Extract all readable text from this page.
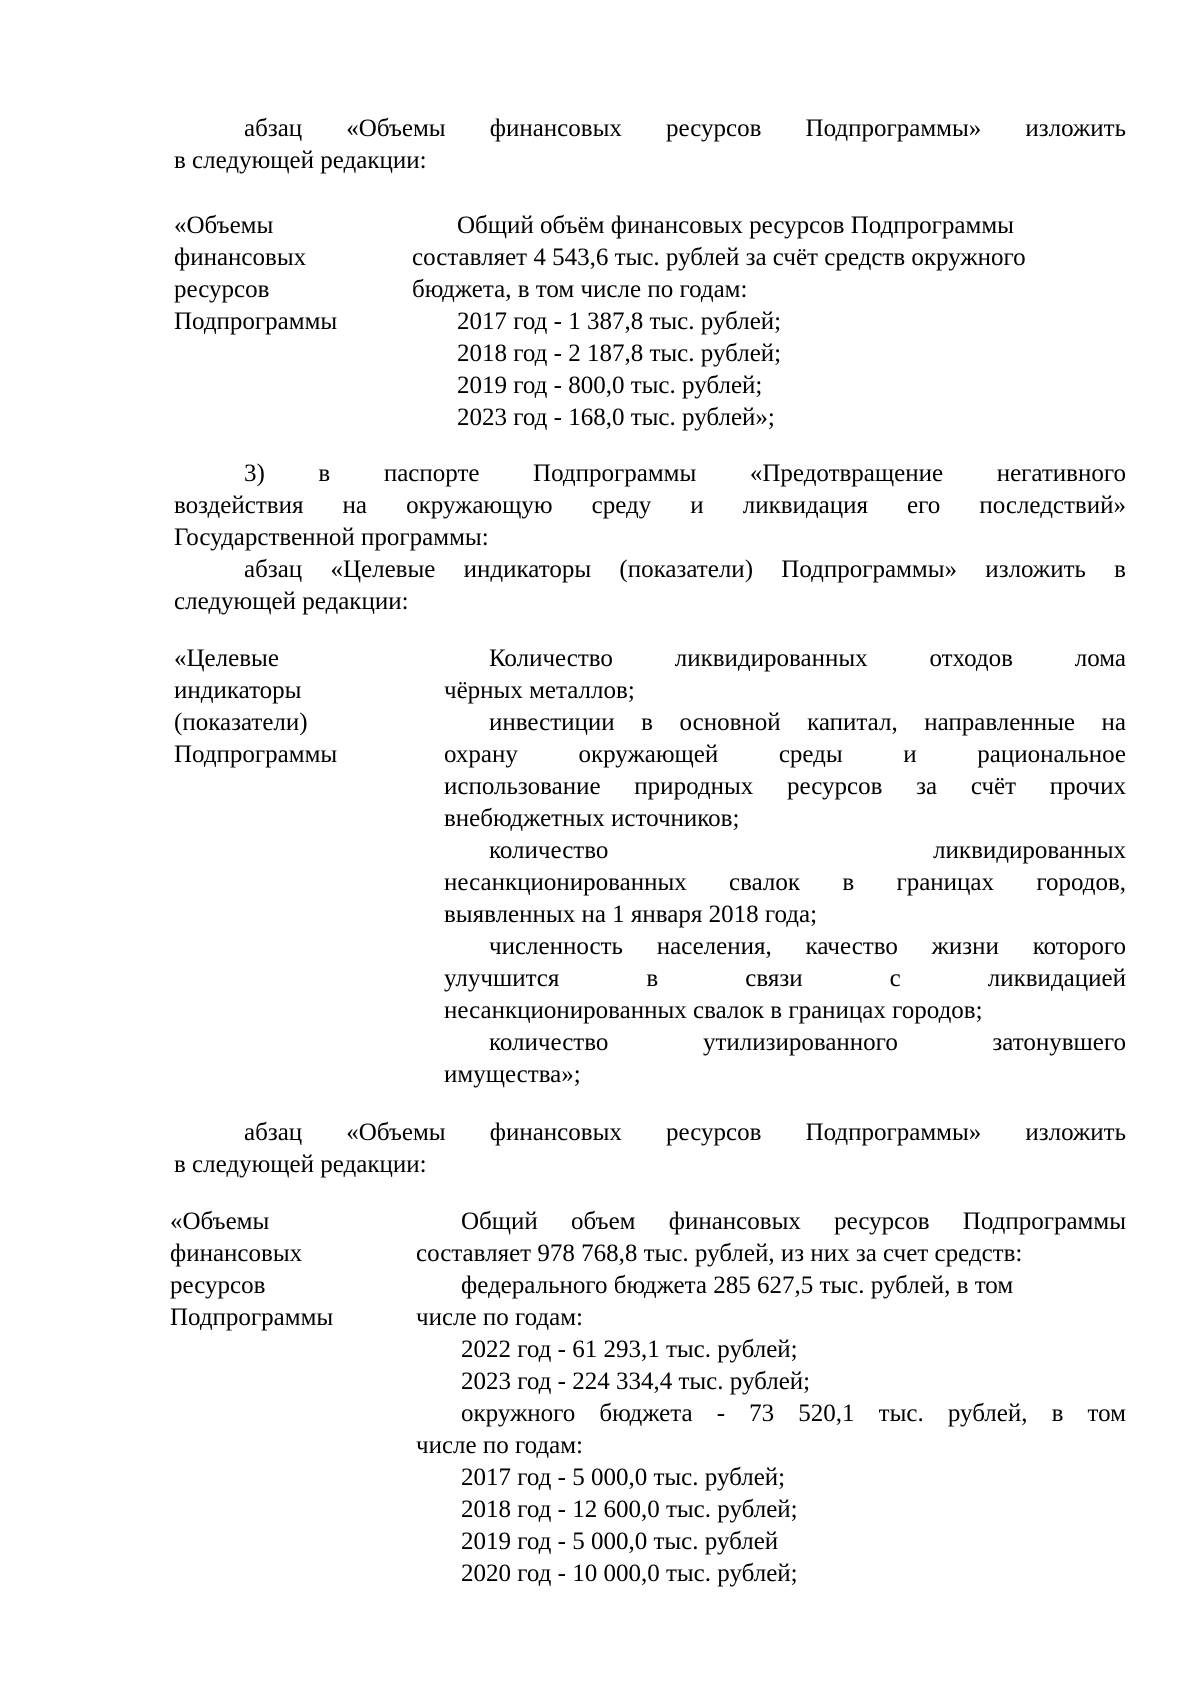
абзац «Объемы финансовых ресурсов Подпрограммы» изложить
в следующей редакции:
«Объемы
финансовых
ресурсов
Подпрограммы
Общий объём финансовых ресурсов Подпрограммы
составляет 4 543,6 тыс. рублей за счёт средств окружного
бюджета, в том числе по годам:
2017 год - 1 387,8 тыс. рублей;
2018 год - 2 187,8 тыс. рублей;
2019 год - 800,0 тыс. рублей;
2023 год - 168,0 тыс. рублей»;
3) в паспорте Подпрограммы «Предотвращение негативного
воздействия на окружающую среду и ликвидация его последствий»
Государственной программы:
абзац «Целевые индикаторы (показатели) Подпрограммы» изложить в
следующей редакции:
«Целевые
индикаторы
(показатели)
Подпрограммы
Количество ликвидированных отходов лома
чёрных металлов;
инвестиции в основной капитал, направленные на
охрану окружающей среды и рациональное
использование природных ресурсов за счёт прочих
внебюджетных источников;
количество ликвидированных
несанкционированных свалок в границах городов,
выявленных на 1 января 2018 года;
численность населения, качество жизни которого
улучшится в связи с ликвидацией
несанкционированных свалок в границах городов;
количество утилизированного затонувшего
имущества»;
абзац «Объемы финансовых ресурсов Подпрограммы» изложить
в следующей редакции:
«Объемы
финансовых
ресурсов
Подпрограммы
Общий объем финансовых ресурсов Подпрограммы
составляет 978 768,8 тыс. рублей, из них за счет средств:
федерального бюджета 285 627,5 тыс. рублей, в том
числе по годам:
2022 год - 61 293,1 тыс. рублей;
2023 год - 224 334,4 тыс. рублей;
окружного бюджета - 73 520,1 тыс. рублей, в том
числе по годам:
2017 год - 5 000,0 тыс. рублей;
2018 год - 12 600,0 тыс. рублей;
2019 год - 5 000,0 тыс. рублей
2020 год - 10 000,0 тыс. рублей;
